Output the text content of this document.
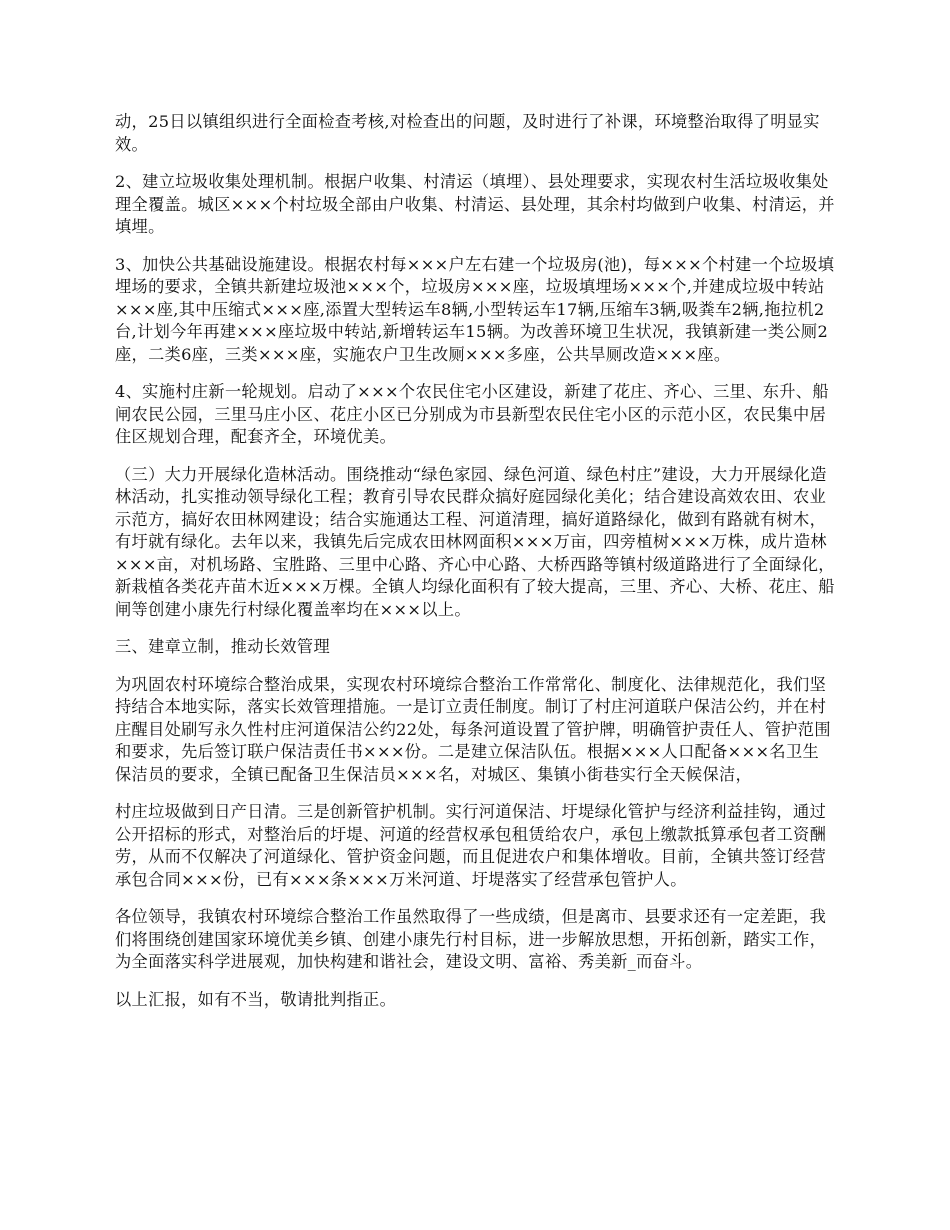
动，25日以镇组织进行全面检查考核,对检查出的问题，及时进行了补课，环境整治取得了明显实效。

2、建立垃圾收集处理机制。根据户收集、村清运（填埋）、县处理要求，实现农村生活垃圾收集处理全覆盖。城区×××个村垃圾全部由户收集、村清运、县处理，其余村均做到户收集、村清运，并填埋。

3、加快公共基础设施建设。根据农村每×××户左右建一个垃圾房(池)，每×××个村建一个垃圾填埋场的要求，全镇共新建垃圾池×××个，垃圾房×××座，垃圾填埋场×××个,并建成垃圾中转站×××座,其中压缩式×××座,添置大型转运车8辆,小型转运车17辆,压缩车3辆,吸粪车2辆,拖拉机2台,计划今年再建×××座垃圾中转站,新增转运车15辆。为改善环境卫生状况，我镇新建一类公厕2座，二类6座，三类×××座，实施农户卫生改厕×××多座，公共旱厕改造×××座。

4、实施村庄新一轮规划。启动了×××个农民住宅小区建设，新建了花庄、齐心、三里、东升、船闸农民公园，三里马庄小区、花庄小区已分别成为市县新型农民住宅小区的示范小区，农民集中居住区规划合理，配套齐全，环境优美。

（三）大力开展绿化造林活动。围绕推动“绿色家园、绿色河道、绿色村庄”建设，大力开展绿化造林活动，扎实推动领导绿化工程；教育引导农民群众搞好庭园绿化美化；结合建设高效农田、农业示范方，搞好农田林网建设；结合实施通达工程、河道清理，搞好道路绿化，做到有路就有树木，有圩就有绿化。去年以来，我镇先后完成农田林网面积×××万亩，四旁植树×××万株，成片造林×××亩，对机场路、宝胜路、三里中心路、齐心中心路、大桥西路等镇村级道路进行了全面绿化，新栽植各类花卉苗木近×××万棵。全镇人均绿化面积有了较大提高，三里、齐心、大桥、花庄、船闸等创建小康先行村绿化覆盖率均在×××以上。

三、建章立制，推动长效管理

为巩固农村环境综合整治成果，实现农村环境综合整治工作常常化、制度化、法律规范化，我们坚持结合本地实际，落实长效管理措施。一是订立责任制度。制订了村庄河道联户保洁公约，并在村庄醒目处刷写永久性村庄河道保洁公约22处，每条河道设置了管护牌，明确管护责任人、管护范围和要求，先后签订联户保洁责任书×××份。二是建立保洁队伍。根据×××人口配备×××名卫生保洁员的要求，全镇已配备卫生保洁员×××名，对城区、集镇小街巷实行全天候保洁，

村庄垃圾做到日产日清。三是创新管护机制。实行河道保洁、圩堤绿化管护与经济利益挂钩，通过公开招标的形式，对整治后的圩堤、河道的经营权承包租赁给农户，承包上缴款抵算承包者工资酬劳，从而不仅解决了河道绿化、管护资金问题，而且促进农户和集体增收。目前，全镇共签订经营承包合同×××份，已有×××条×××万米河道、圩堤落实了经营承包管护人。

各位领导，我镇农村环境综合整治工作虽然取得了一些成绩，但是离市、县要求还有一定差距，我们将围绕创建国家环境优美乡镇、创建小康先行村目标，进一步解放思想，开拓创新，踏实工作，为全面落实科学进展观，加快构建和谐社会，建设文明、富裕、秀美新_而奋斗。

以上汇报，如有不当，敬请批判指正。
